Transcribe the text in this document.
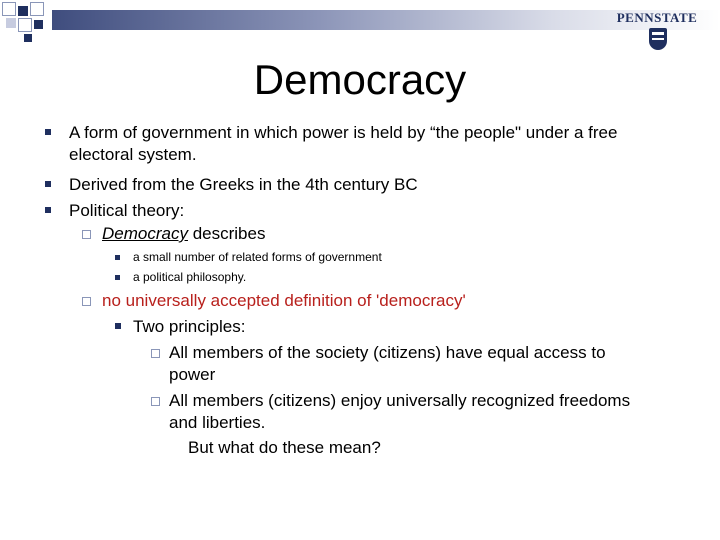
PENNSTATE
Democracy
A form of government in which power is held by “the people" under a free
electoral system.
Derived from the Greeks in the 4th century BC
Political theory:
Democracy describes
a small number of related forms of government
a political philosophy.
no universally accepted definition of 'democracy'
Two principles:
All members of the society (citizens) have equal access to
power
All members (citizens) enjoy universally recognized freedoms
and liberties.
But what do these mean?
